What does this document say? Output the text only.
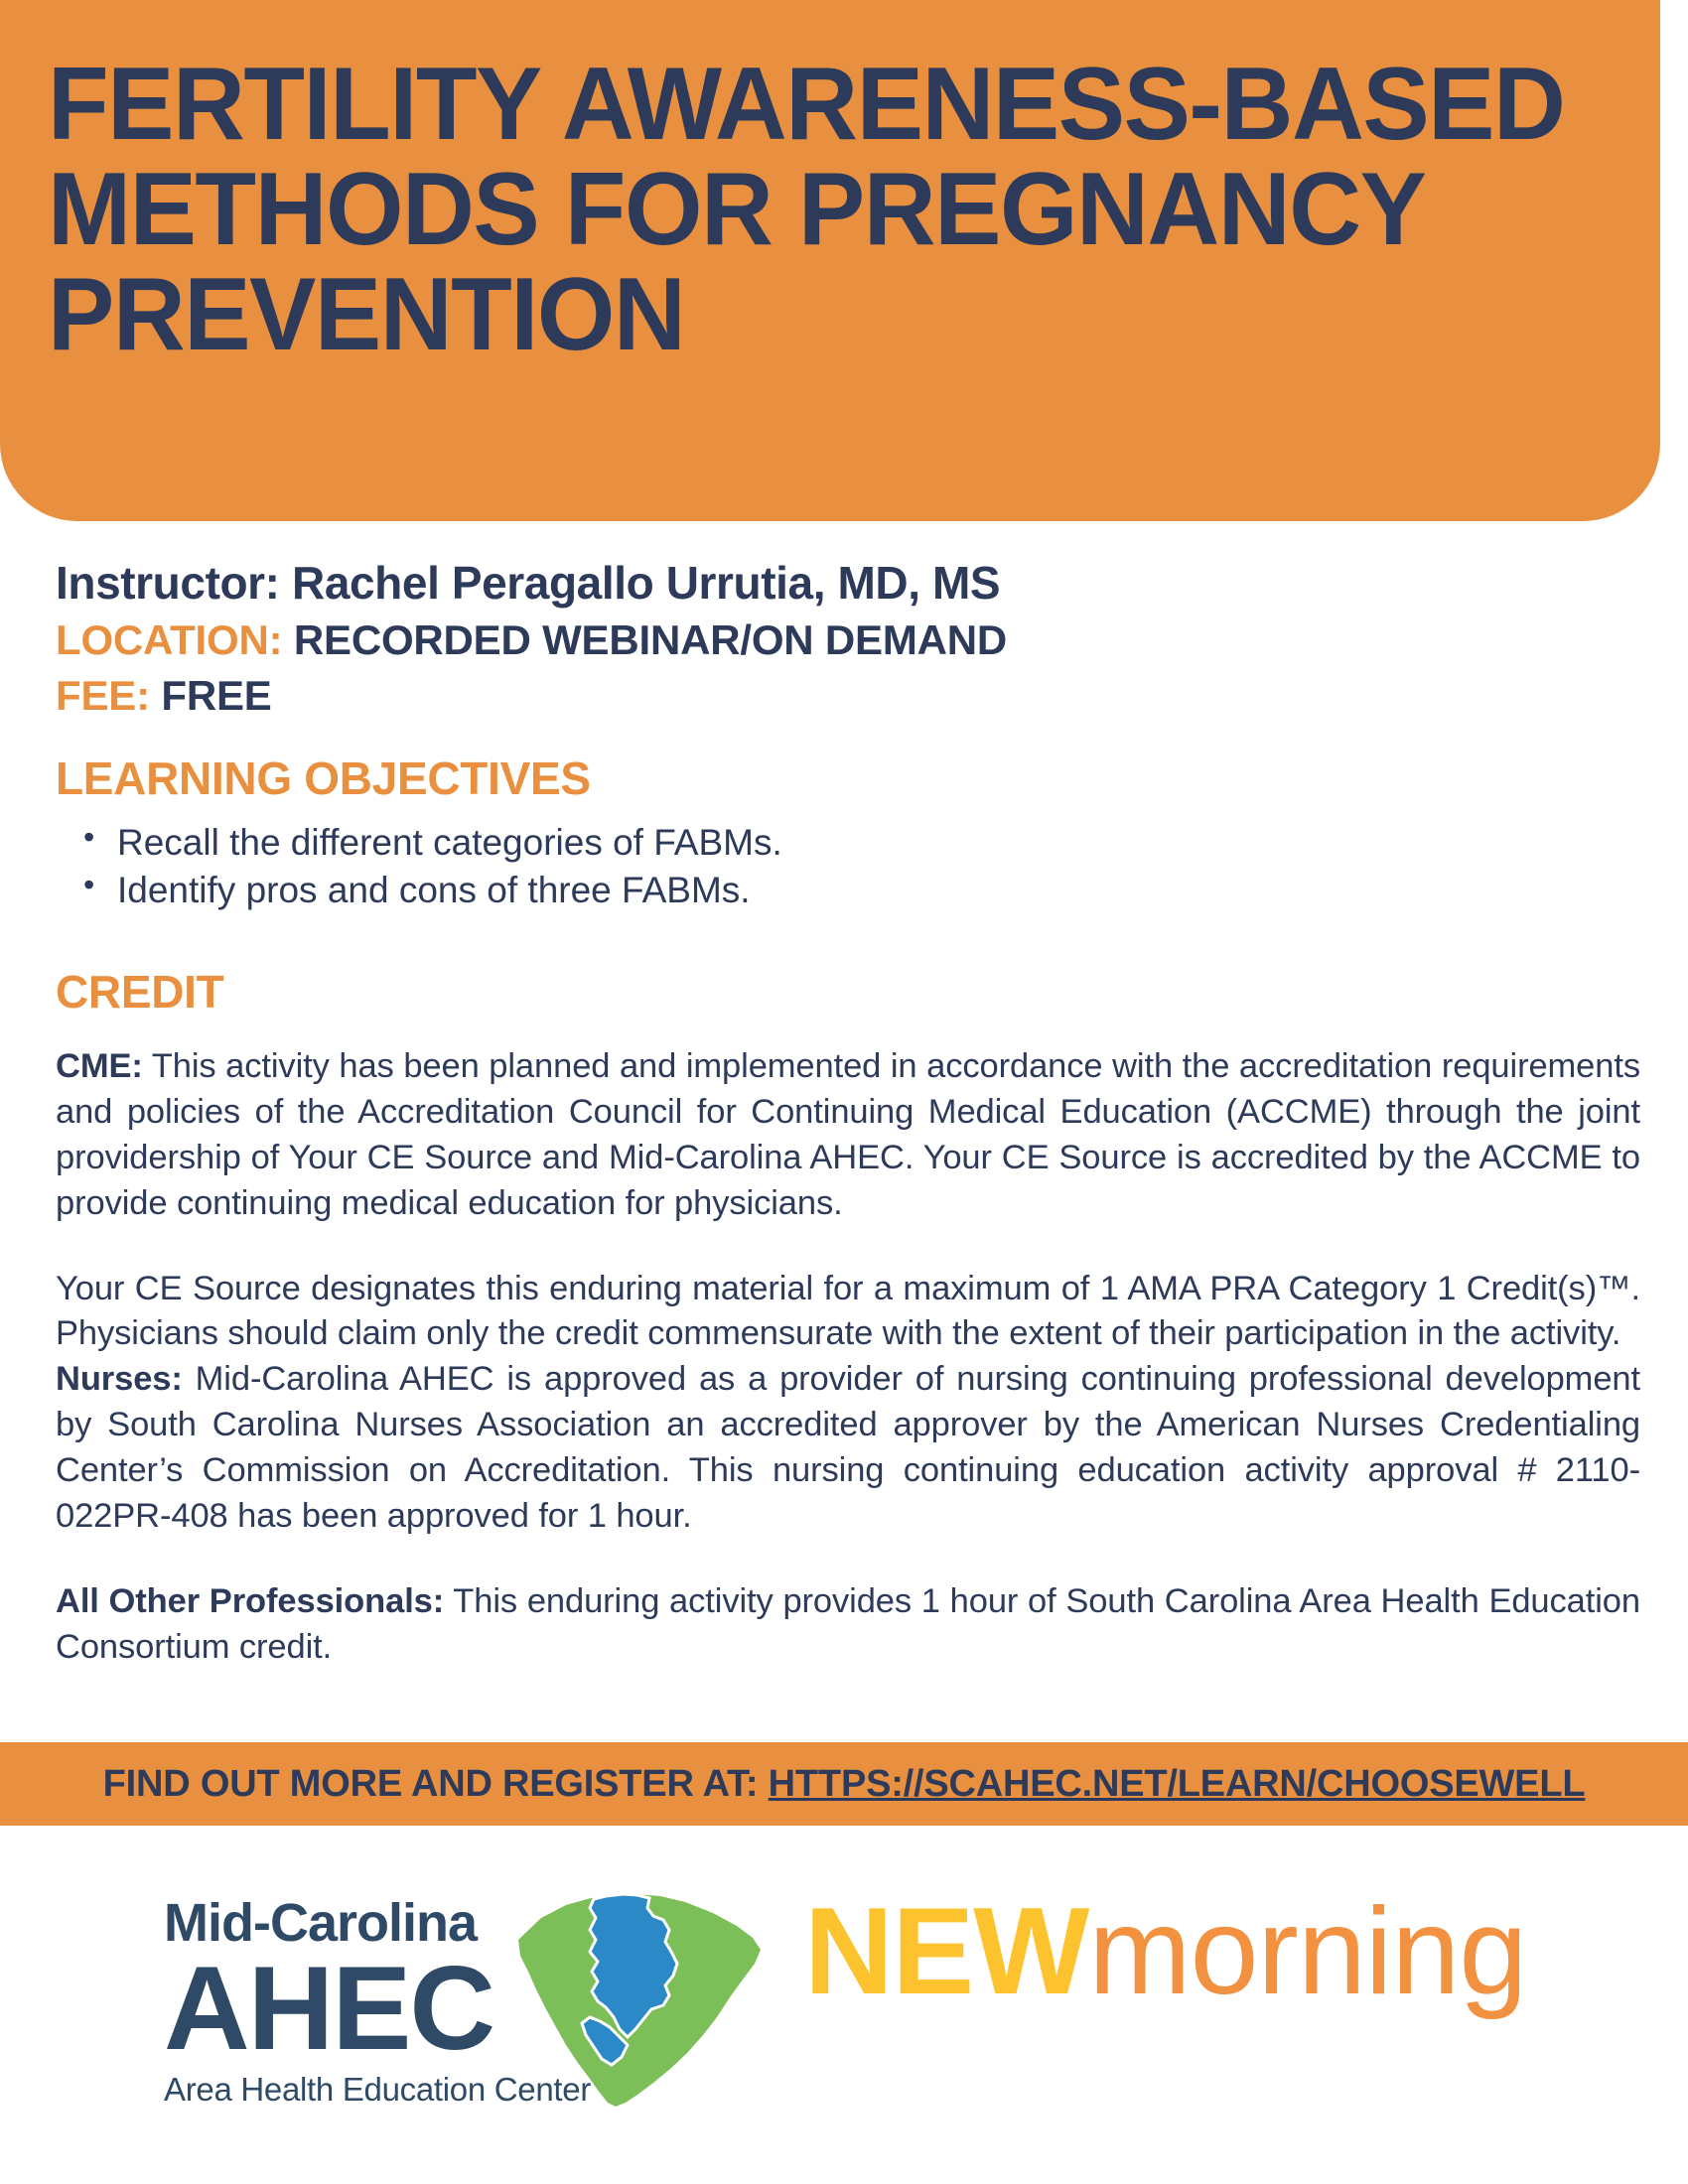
FERTILITY AWARENESS-BASED METHODS FOR PREGNANCY PREVENTION

Instructor: Rachel Peragallo Urrutia, MD, MS

LOCATION: RECORDED WEBINAR/ON DEMAND

FEE: FREE

LEARNING OBJECTIVES
• Recall the different categories of FABMs.
• Identify pros and cons of three FABMs.
CREDIT

CME: This activity has been planned and implemented in accordance with the accreditation requirements and policies of the Accreditation Council for Continuing Medical Education (ACCME) through the joint providership of Your CE Source and Mid-Carolina AHEC. Your CE Source is accredited by the ACCME to provide continuing medical education for physicians.

Your CE Source designates this enduring material for a maximum of 1 AMA PRA Category 1 Credit(s)™. Physicians should claim only the credit commensurate with the extent of their participation in the activity.

Nurses: Mid-Carolina AHEC is approved as a provider of nursing continuing professional development by South Carolina Nurses Association an accredited approver by the American Nurses Credentialing Center’s Commission on Accreditation. This nursing continuing education activity approval # 2110-022PR-408 has been approved for 1 hour.

All Other Professionals: This enduring activity provides 1 hour of South Carolina Area Health Education Consortium credit.

FIND OUT MORE AND REGISTER AT: HTTPS://SCAHEC.NET/LEARN/CHOOSEWELL
Mid-Carolina
AHEC
Area Health Education Center
NEWmorning
